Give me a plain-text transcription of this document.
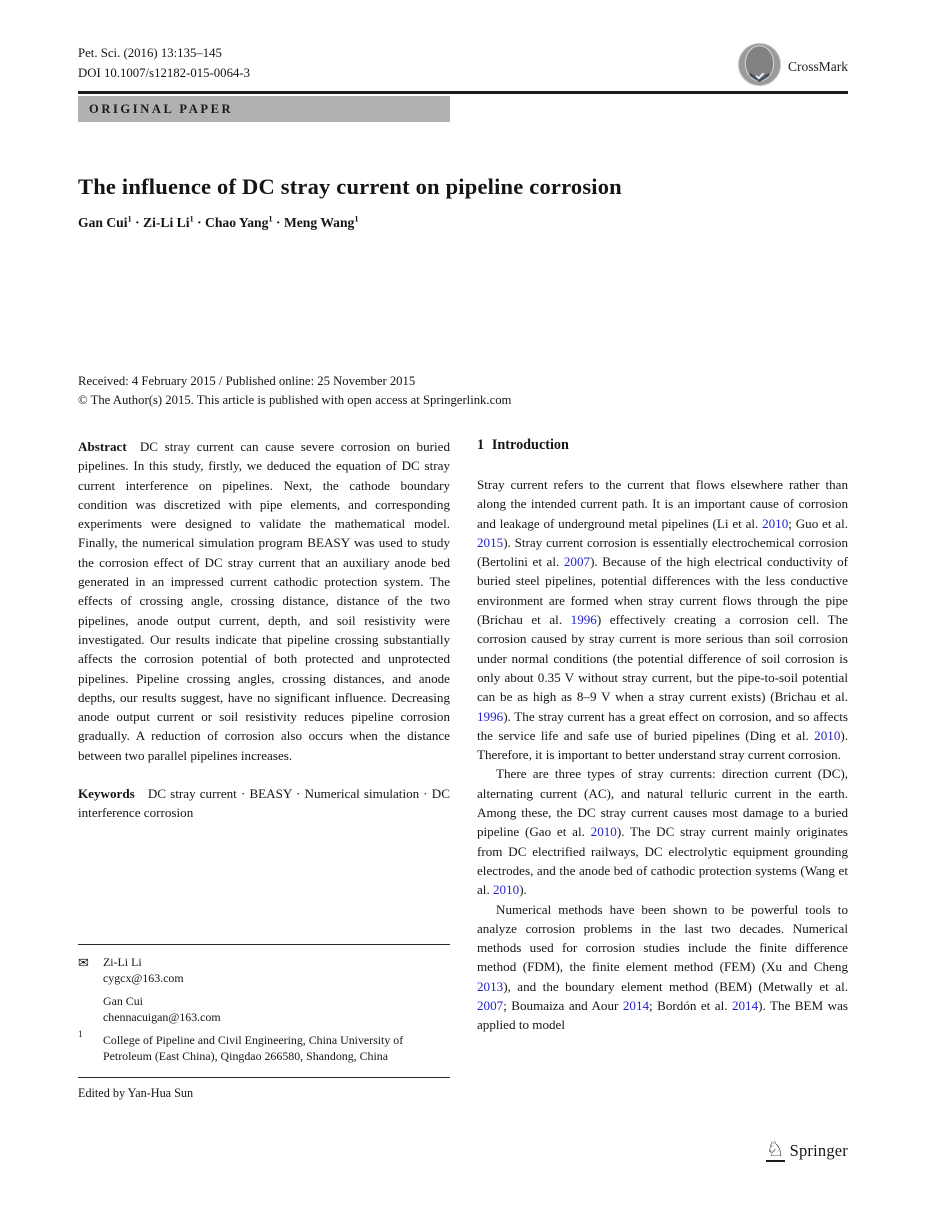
Pet. Sci. (2016) 13:135–145
DOI 10.1007/s12182-015-0064-3	CrossMark
ORIGINAL PAPER
The influence of DC stray current on pipeline corrosion
Gan Cui$^1$ · Zi-Li $Li^1$ · Chao Yang$^1$ · Meng Wang$^1$
Received: 4 February 2015 / Published online: 25 November 2015
© The Author(s) 2015. This article is published with open access at Springerlink.com

Abstract DC stray current can cause severe corrosion on buried pipelines. In this study, firstly, we deduced the equation of DC stray current interference on pipelines. Next, the cathode boundary condition was discretized with pipe elements, and corresponding experiments were designed to validate the mathematical model. Finally, the numerical simulation program BEASY was used to study the corrosion effect of DC stray current that an auxiliary anode bed generated in an impressed current cathodic protection system. The effects of crossing angle, crossing distance, distance of the two pipelines, anode output current, depth, and soil resistivity were investigated. Our results indicate that pipeline crossing substantially affects the corrosion potential of both protected and unprotected pipelines. Pipeline crossing angles, crossing distances, and anode depths, our results suggest, have no significant influence. Decreasing anode output current or soil resistivity reduces pipeline corrosion gradually. A reduction of corrosion also occurs when the distance between two parallel pipelines increases.

Keywords DC stray current · BEASY · Numerical simulation · DC interference corrosion

1 Introduction

Stray current refers to the current that flows elsewhere rather than along the intended current path. It is an important cause of corrosion and leakage of underground metal pipelines (Li et al. 2010; Guo et al. 2015). Stray current corrosion is essentially electrochemical corrosion (Bertolini et al. 2007). Because of the high electrical conductivity of buried steel pipelines, potential differences with the less conductive environment are formed when stray current flows through the pipe (Brichau et al. 1996) effectively creating a corrosion cell. The corrosion caused by stray current is more serious than soil corrosion under normal conditions (the potential difference of soil corrosion is only about 0.35 V without stray current, but the pipe-to-soil potential can be as high as 8–9 V when a stray current exists) (Brichau et al. 1996). The stray current has a great effect on corrosion, and so affects the service life and safe use of buried pipelines (Ding et al. 2010). Therefore, it is important to better understand stray current corrosion.

There are three types of stray currents: direction current (DC), alternating current (AC), and natural telluric current in the earth. Among these, the DC stray current causes most damage to a buried pipeline (Gao et al. 2010). The DC stray current mainly originates from DC electrified railways, DC electrolytic equipment grounding electrodes, and the anode bed of cathodic protection systems (Wang et al. 2010).

Numerical methods have been shown to be powerful tools to analyze corrosion problems in the last two decades. Numerical methods used for corrosion studies include the finite difference method (FDM), the finite element method (FEM) (Xu and Cheng 2013), and the boundary element method (BEM) (Metwally et al. 2007; Boumaiza and Aour 2014; Bordón et al. 2014). The BEM was applied to model

✉	Zi-Li Li
cygcx@163.com
Gan Cui
chennacuigan@163.com
$^1$	College of Pipeline and Civil Engineering, China University of Petroleum (East China), Qingdao 266580, Shandong, China
Edited by Yan-Hua Sun
♘ Springer
